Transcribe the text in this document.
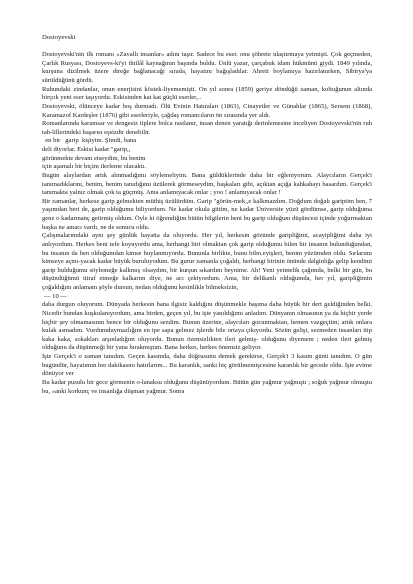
Dostoyevski

Dostoyevski'nin ilk romanı «Zavallı insanlar» adını taşır. Sadece bu eser. onu şöhrete ulaştırmaya yetmişti. Çok geçmeden, Çarlık Rusyası, Dostoyevs-ki'yi ihtilâl kaynağının başında buldu. Ünlü yazar, çarçabuk idam hükmünü giydi. 1849 yılında, kurşuna dizilmek üzere direğe bağlanacağı sırada, hayatını bağışladılar. Ahreti boylamıya hazırlanırken, Sibirya'ya sürüldüğünü gördü.

Ruhundaki zindanlar, onun enerjisini köstek-liyememişti. On yıl sonra (1859) geriye döndüğü zaman, koltuğunun altında birçok yeni eser taşıyordu. Eskisinden kat kat güçlü eserler,..

Dostoyevski, ölünceye kadar boş durmadı. Ölü Evinin Hatıraları (1863), Cinayetler ve Günahlar (1865), Sersem (1868), Karamazof Kardeşler (1876) gibi eserleriyle, çağdaş romancıların ön sırasında yer aldı.

Romanlarında karamsar ve dengesiz tiplere bolca rastlanır, insan denen yaratığı derinlemesine inceliyen Dostoyevski'nin ruh tah-lillerindeki başarısı eşsizdir denebilir.

en bir   garip  kişiyim. Şimdi, bana

deli diyorlar. Eskisi kadar "garip,,

görünmekte devam etseydim, bu benim

için aşamalı bir biçim ilerleme olacaktı.

Bugün alaylardan artık alınmadığımı söylemeliyim. Bana güldüklerinde daha bir eğleniyorum. Alaycıların Gerçek'i tanımadıklarını, benim, benim tanıdığımı üzülerek görmeseydim, başkaları gibi, açıktan açığa kahkahayı basardım. Gerçek'i tanımakta yalnız olmak çok ta güçmüş. Ama anlamıyacak onlar ; yoo ! anlamıyacak onlar !

Bir zamanlar, herkese garip gelmekten müthiş üzülürdüm. Garip "görün-mek,,e kalkmazdım. Doğdum doğalı gariptim ben, 7 yaşımdan beri de, garip olduğumu biliyordum. Ne kadar okula gittim, ne kadar Üniversite yüzü gördümse, garip olduğuma gene o kadarınanç getirmiş oldum. Öyle ki öğrendiğim bütün bilgilerin beni bu garip olduğum düşüncesi içinde yoğurmaktan başka ne amacı vardı, ne de sonucu oldu.

Çalışmalarımdaki aynı şey günlük hayatta da oluyordu. Her yıl, herkesin gözünde garipliğimi, acayipliğimi daha iyi anlıyordum. Herkes beni tefe koyuyordu ama, herhangi biri olmaktan çok garip olduğumu bilen bir insanın bulunduğundan, bu insanın da ben olduğumdan kimse huylanmıyordu. Bununla birlikte, bunu bilm.eyişleri, benim yüzümden oldu. Sırlarımı kimseye açmı-yacak kadar büyük buruluyodum. Bu gurur zamanla çoğaldı, herhangi birinin önünde dalginlığa gelip kendimi garip bulduğumu söylemeğe kalkmış olsaydım, bir kurşun sıkardım beynime. Ah! Yeni yetmelik çağımda, belki bir gün, bu düşündüğümü itiraf etmeğe kalkarım diye, ne acı çekiyordum. Ama, bir delikanlı olduğumda, her yıl, garipliğimin çoğaldığını anlamam şöyle dursun, nedan olduğunu kesinlikle bilmeksizin,

— 10 —

daha durgun oluyorum. Dünyada herkesin bana ilgisiz kaldığını düşünmekle başıma daha büyük bir dert geldiğinden belki. Nicedir bundan kuşkulanıyordum, ama birden, geçen yıl, bu işte yanıldığımı anladım. Dünyanın olmasının ya da hiçbir yerde hiçbir şey olmamasının bence bir olduğunu sezdim. Bunun üzerine, alaycıları gocunmaktan, hemen vazgeçtim; artık onlara kulak asmadım. Vurdumduymazlığım en ipe sapa gelmez işlerde bile ortaya çıkıyordu. Sözün gelişi, sezmeden insanları itip kaka kaka, sokakları arşınladığım oluyordu. Bunun özensizlikten ileri gelmiş- olduğunu diyemem ; neden ileri gelmiş olduğunu da düşünmeği bir yana bırakmıştım. Bana herkes, herkes önemsiz geliyor.

İşte Gerçek'i o zaman tanıdım. Geçen kasımda, daha doğrusunu demek gerekirse, Gerçek'i 3 kasım günü tanıdım. O gün bugündür, hayatımın her dakikasını hatırlarım... Bu karanlık, sanki hiç görülmemişcesine karanlık bir gecede oldu. İşte evime dönüyor ver

Bu kadar pusulu bir gece görmenin o-lanaksu olduğunu düşünüyordum. Bütün gün yağmur yağmıştı ; soğuk yağmur olmuştu bu, »anki korkunç ve insanlığa düşman yağmur. Sonra
